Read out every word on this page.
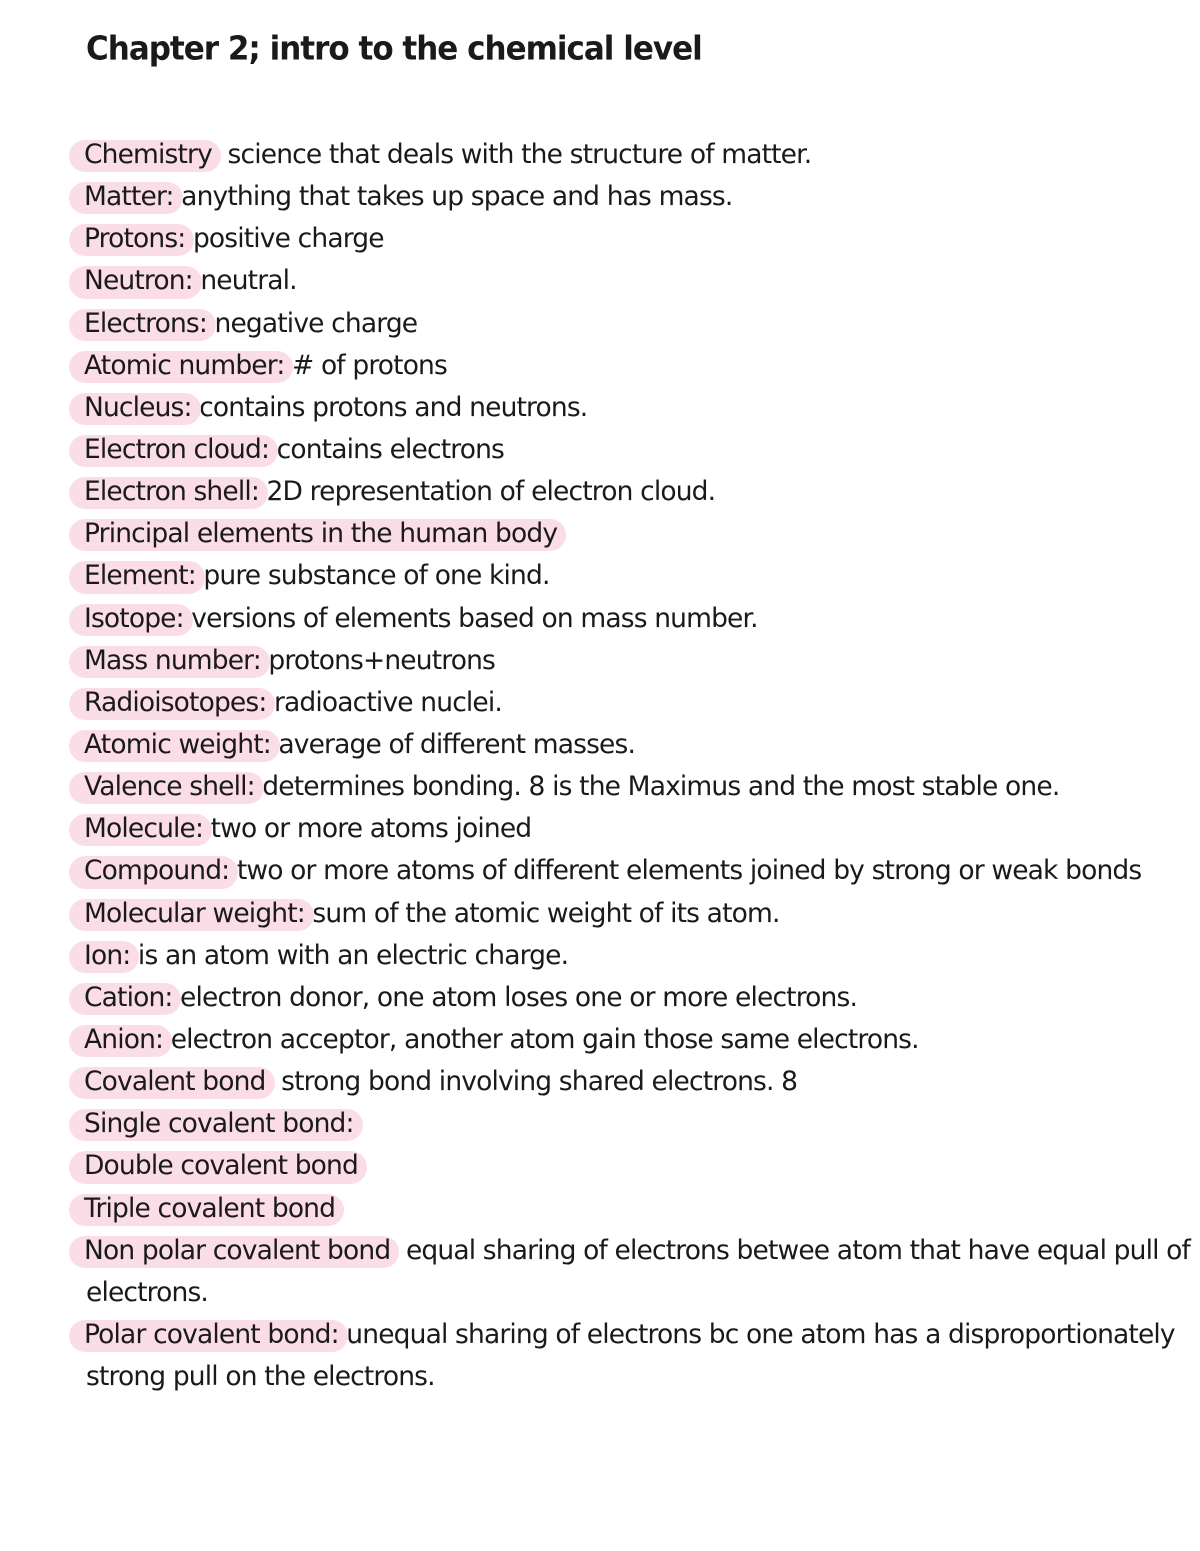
Chapter 2; intro to the chemical level
Chemistry: science that deals with the structure of matter.
Matter: anything that takes up space and has mass.
Protons: positive charge
Neutron: neutral.
Electrons: negative charge
Atomic number: # of protons
Nucleus: contains protons and neutrons.
Electron cloud: contains electrons
Electron shell: 2D representation of electron cloud.
Principal elements in the human body
Element: pure substance of one kind.
Isotope: versions of elements based on mass number.
Mass number: protons+neutrons
Radioisotopes: radioactive nuclei.
Atomic weight: average of different masses.
Valence shell: determines bonding. 8 is the Maximus and the most stable one.
Molecule: two or more atoms joined
Compound: two or more atoms of different elements joined by strong or weak bonds
Molecular weight: sum of the atomic weight of its atom.
Ion: is an atom with an electric charge.
Cation: electron donor, one atom loses one or more electrons.
Anion: electron acceptor, another atom gain those same electrons.
Covalent bond: strong bond involving shared electrons. 8
Single covalent bond:
Double covalent bond
Triple covalent bond
Non polar covalent bond: equal sharing of electrons betwee atom that have equal pull of
electrons.
Polar covalent bond: unequal sharing of electrons bc one atom has a disproportionately
strong pull on the electrons.
